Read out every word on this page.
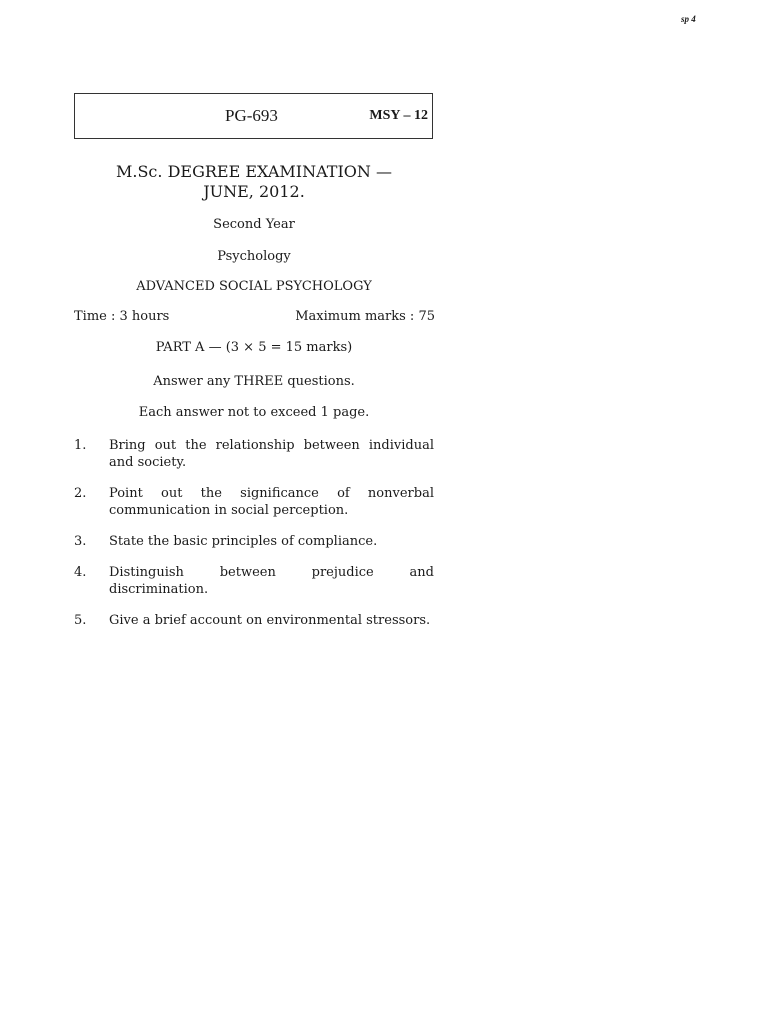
sp 4
PG-693	MSY – 12
M.Sc. DEGREE EXAMINATION —
JUNE, 2012.
Second Year
Psychology
ADVANCED SOCIAL PSYCHOLOGY
Time : 3 hours	Maximum marks : 75
PART A — (3 × 5 = 15 marks)
Answer any THREE questions.
Each answer not to exceed 1 page.
1. Bring out the relationship between individual and society.
2. Point out the significance of nonverbal communication in social perception.
3. State the basic principles of compliance.
4. Distinguish between prejudice and discrimination.
5. Give a brief account on environmental stressors.
